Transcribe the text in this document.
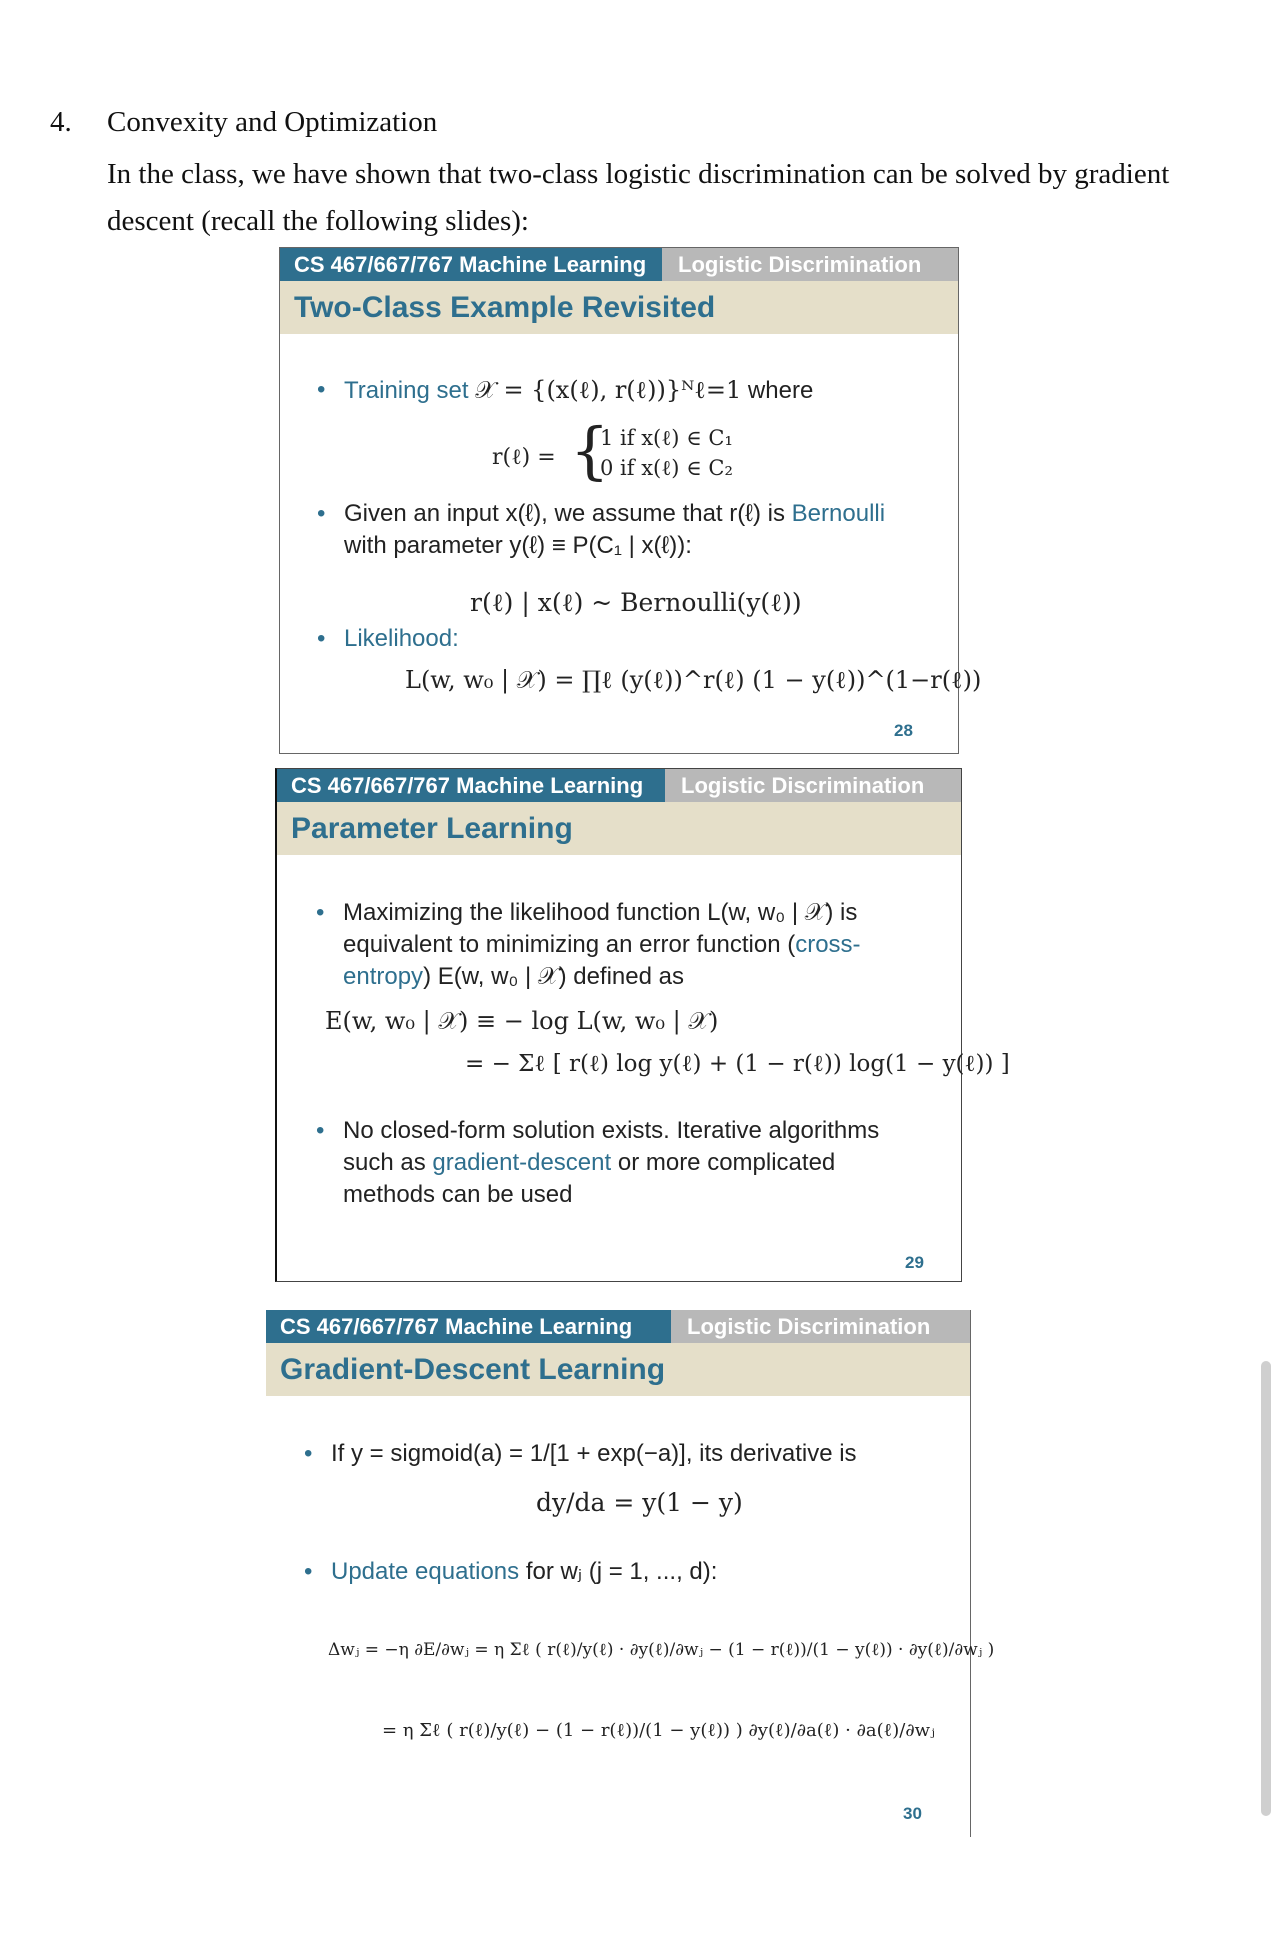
4. Convexity and Optimization
In the class, we have shown that two-class logistic discrimination can be solved by gradient descent (recall the following slides):
CS 467/667/767 Machine Learning	Logistic Discrimination
Two-Class Example Revisited
• Training set 𝒳 = {(x(ℓ), r(ℓ))}ᴺℓ=1 where
r(ℓ) = {
1 if x(ℓ) ∈ C₁
0 if x(ℓ) ∈ C₂
• Given an input x(ℓ), we assume that r(ℓ) is Bernoulli
with parameter y(ℓ) ≡ P(C₁ | x(ℓ)):
r(ℓ) | x(ℓ) ~ Bernoulli(y(ℓ))
• Likelihood:
L(w, w₀ | 𝒳) = ∏ℓ (y(ℓ))^r(ℓ) (1 − y(ℓ))^(1−r(ℓ))
28
CS 467/667/767 Machine Learning	Logistic Discrimination
Parameter Learning
• Maximizing the likelihood function L(w, w₀ | 𝒳) is
equivalent to minimizing an error function (cross-
entropy) E(w, w₀ | 𝒳) defined as
E(w, w₀ | 𝒳) ≡ − log L(w, w₀ | 𝒳)
= − Σℓ [ r(ℓ) log y(ℓ) + (1 − r(ℓ)) log(1 − y(ℓ)) ]
• No closed-form solution exists. Iterative algorithms
such as gradient-descent or more complicated
methods can be used
29
CS 467/667/767 Machine Learning	Logistic Discrimination
Gradient-Descent Learning
• If y = sigmoid(a) = 1/[1 + exp(−a)], its derivative is
dy/da = y(1 − y)
• Update equations for wⱼ (j = 1, ..., d):
Δwⱼ = −η ∂E/∂wⱼ = η Σℓ ( r(ℓ)/y(ℓ) · ∂y(ℓ)/∂wⱼ − (1 − r(ℓ))/(1 − y(ℓ)) · ∂y(ℓ)/∂wⱼ )
= η Σℓ ( r(ℓ)/y(ℓ) − (1 − r(ℓ))/(1 − y(ℓ)) ) ∂y(ℓ)/∂a(ℓ) · ∂a(ℓ)/∂wⱼ
30
